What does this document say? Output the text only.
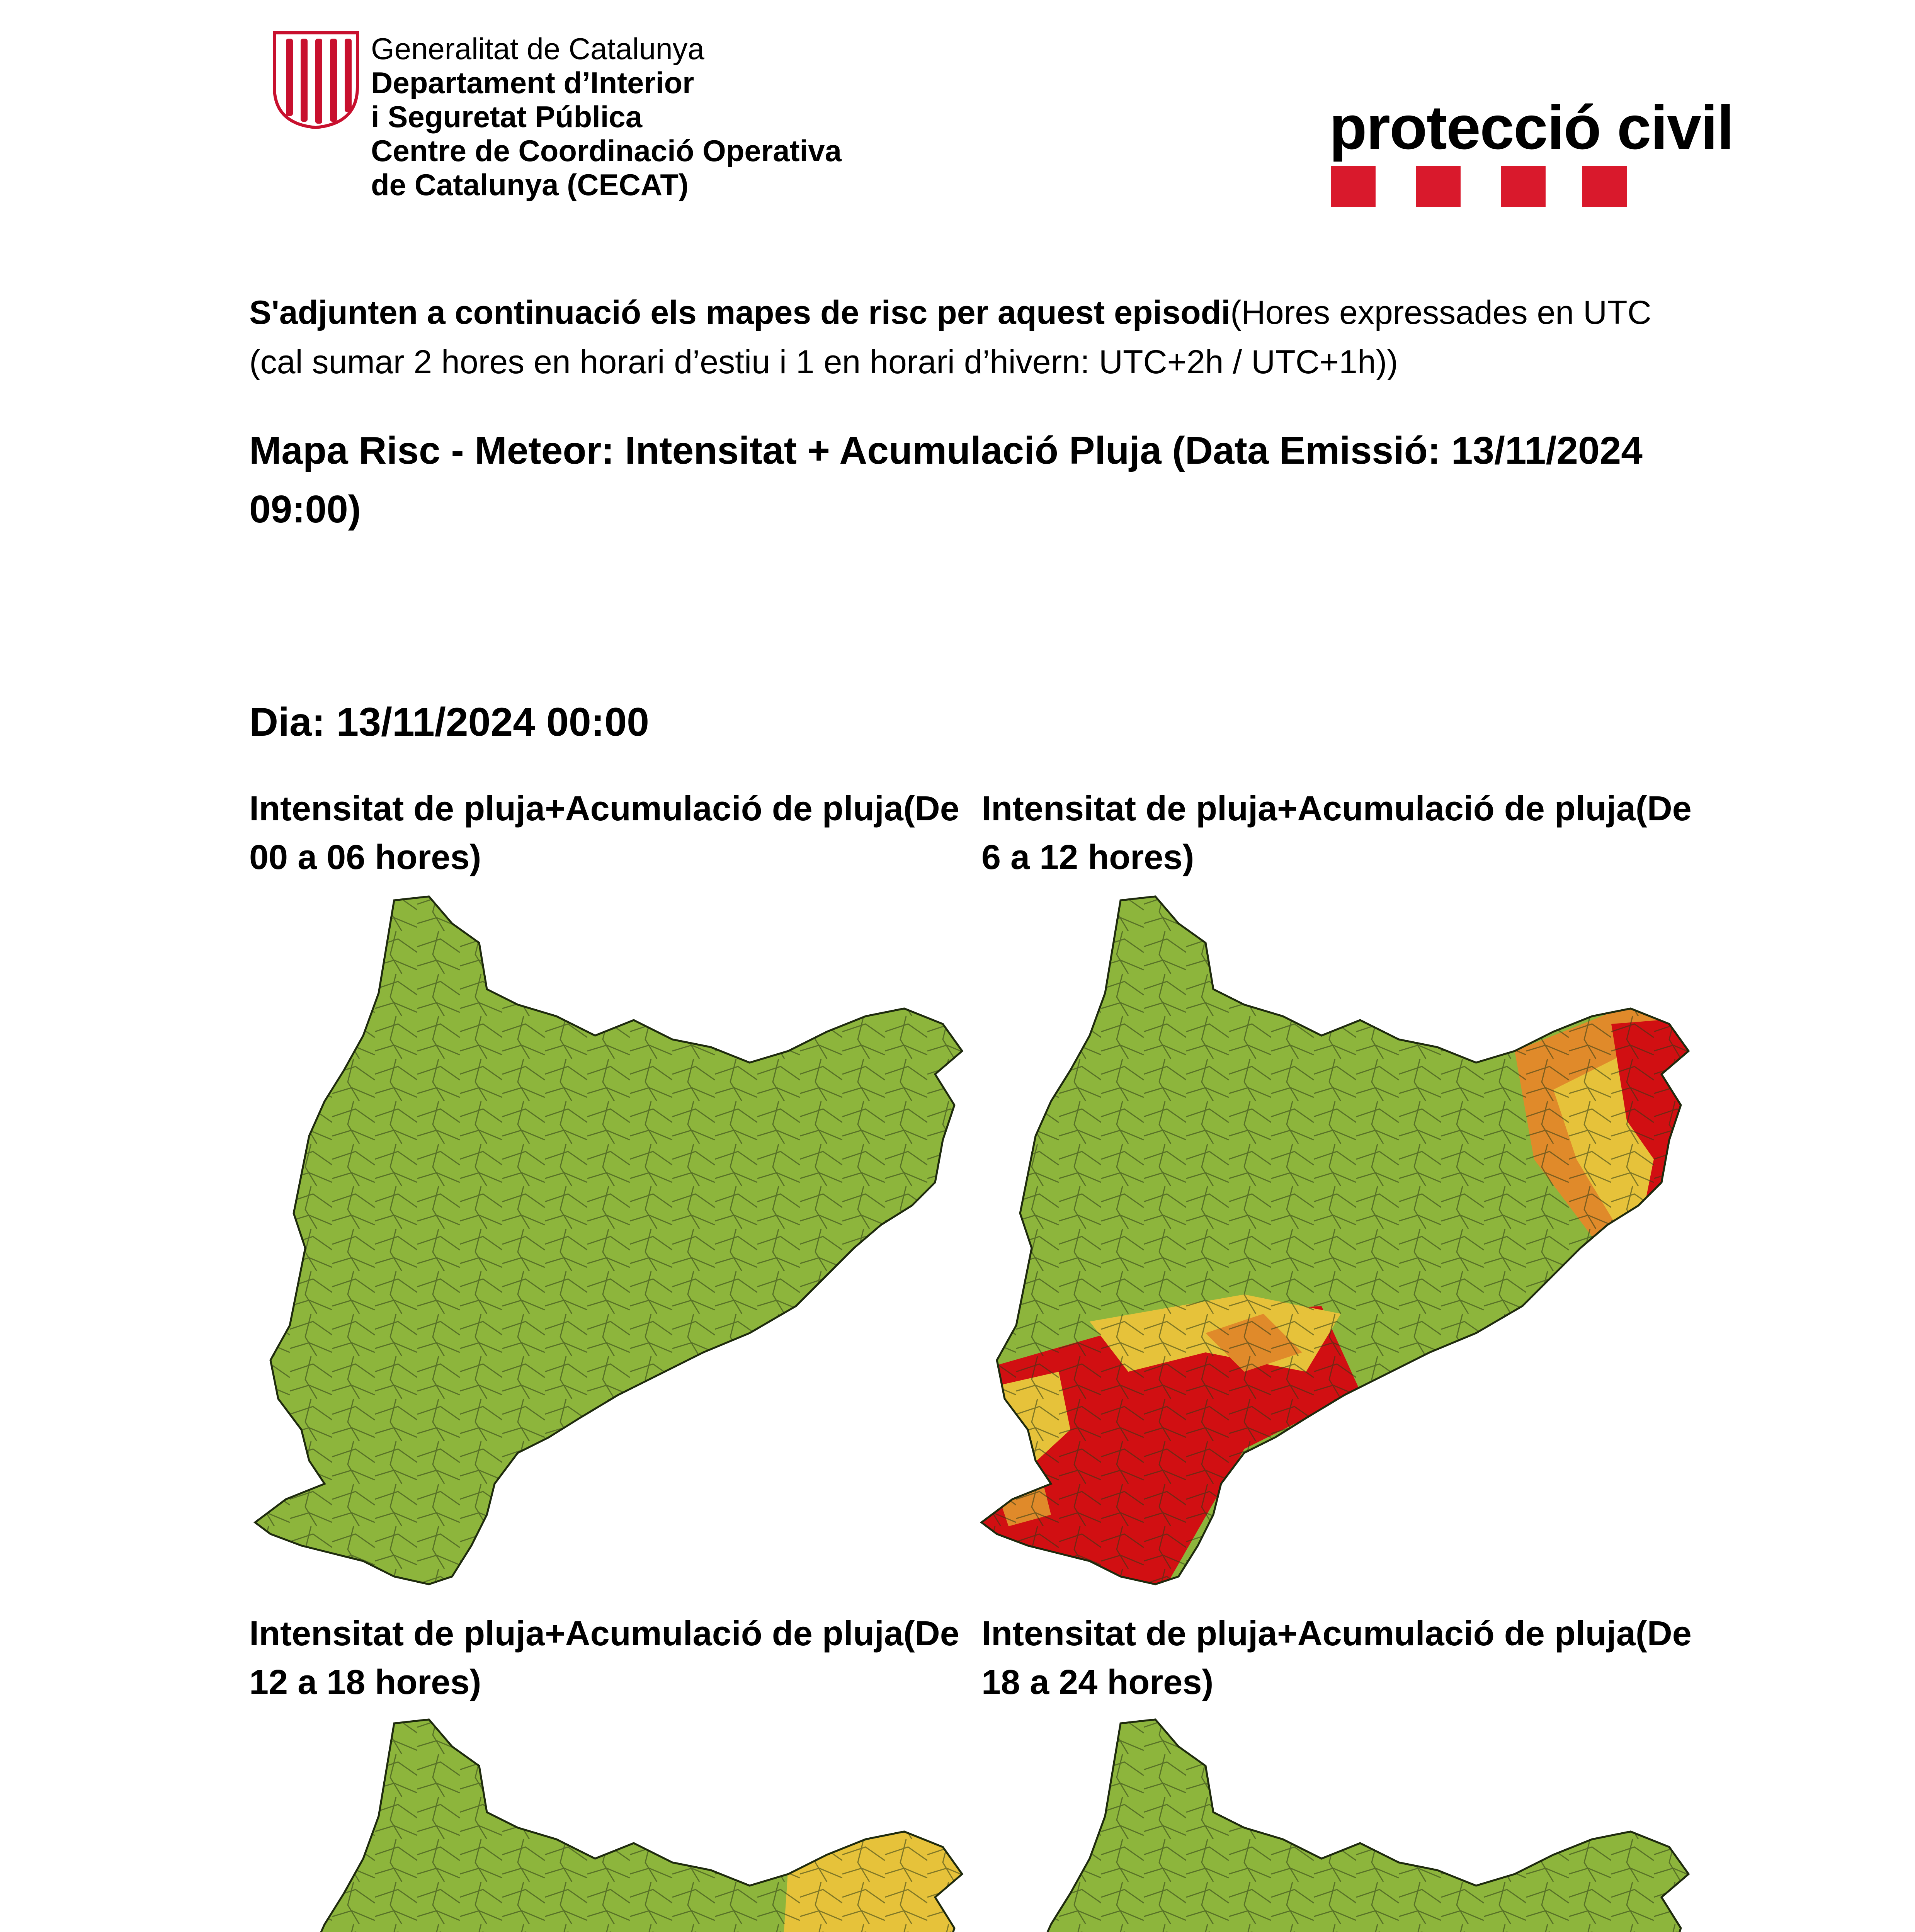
Generalitat de Catalunya
Departament d’Interior
i Seguretat Pública
Centre de Coordinació Operativa
de Catalunya (CECAT)
protecció civil
S'adjunten a continuació els mapes de risc per aquest episodi(Hores expressades en UTC (cal sumar 2 hores en horari d’estiu i 1 en horari d’hivern: UTC+2h / UTC+1h))
Mapa Risc - Meteor: Intensitat + Acumulació Pluja (Data Emissió: 13/11/2024 09:00)
Dia: 13/11/2024 00:00
Intensitat de pluja+Acumulació de pluja(De 00 a 06 hores)
Intensitat de pluja+Acumulació de pluja(De 6 a 12 hores)
Intensitat de pluja+Acumulació de pluja(De 12 a 18 hores)
Intensitat de pluja+Acumulació de pluja(De 18 a 24 hores)
